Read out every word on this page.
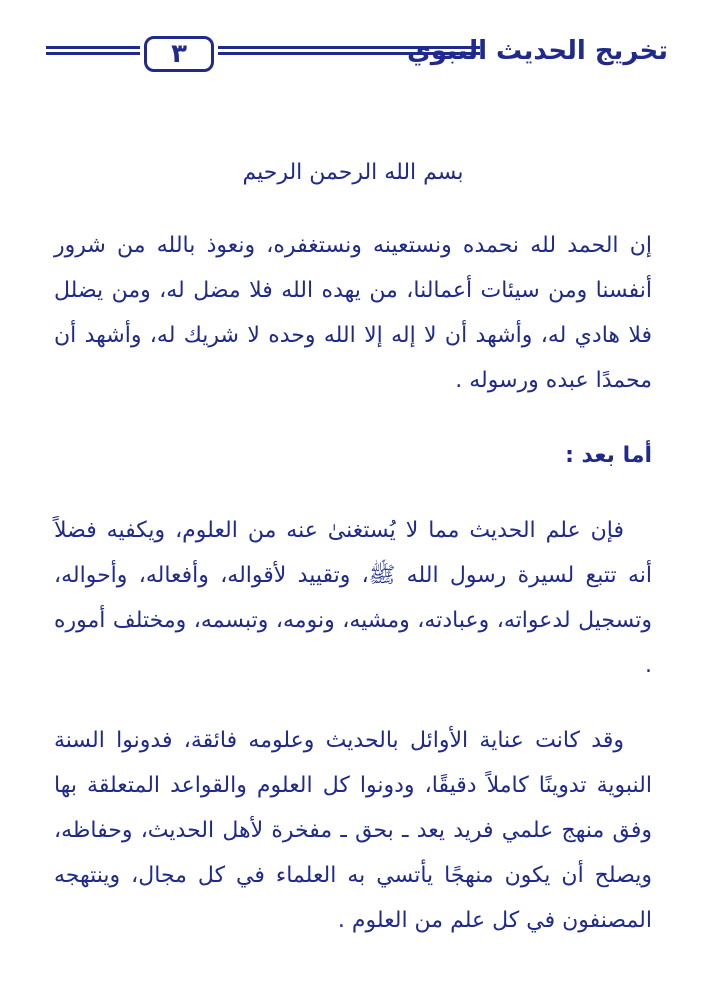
٣	تخريج الحديث النبوي

بسم الله الرحمن الرحيم

إن الحمد لله نحمده ونستعينه ونستغفره، ونعوذ بالله من شرور أنفسنا ومن سيئات أعمالنا، من يهده الله فلا مضل له، ومن يضلل فلا هادي له، وأشهد أن لا إله إلا الله وحده لا شريك له، وأشهد أن محمدًا عبده ورسوله .

أما بعد :

فإن علم الحديث مما لا يُستغنىٰ عنه من العلوم، ويكفيه فضلاً أنه تتبع لسيرة رسول الله ﷺ، وتقييد لأقواله، وأفعاله، وأحواله، وتسجيل لدعواته، وعبادته، ومشيه، ونومه، وتبسمه، ومختلف أموره .

وقد كانت عناية الأوائل بالحديث وعلومه فائقة، فدونوا السنة النبوية تدوينًا كاملاً دقيقًا، ودونوا كل العلوم والقواعد المتعلقة بها وفق منهج علمي فريد يعد ـ بحق ـ مفخرة لأهل الحديث، وحفاظه، ويصلح أن يكون منهجًا يأتسي به العلماء في كل مجال، وينتهجه المصنفون في كل علم من العلوم .
